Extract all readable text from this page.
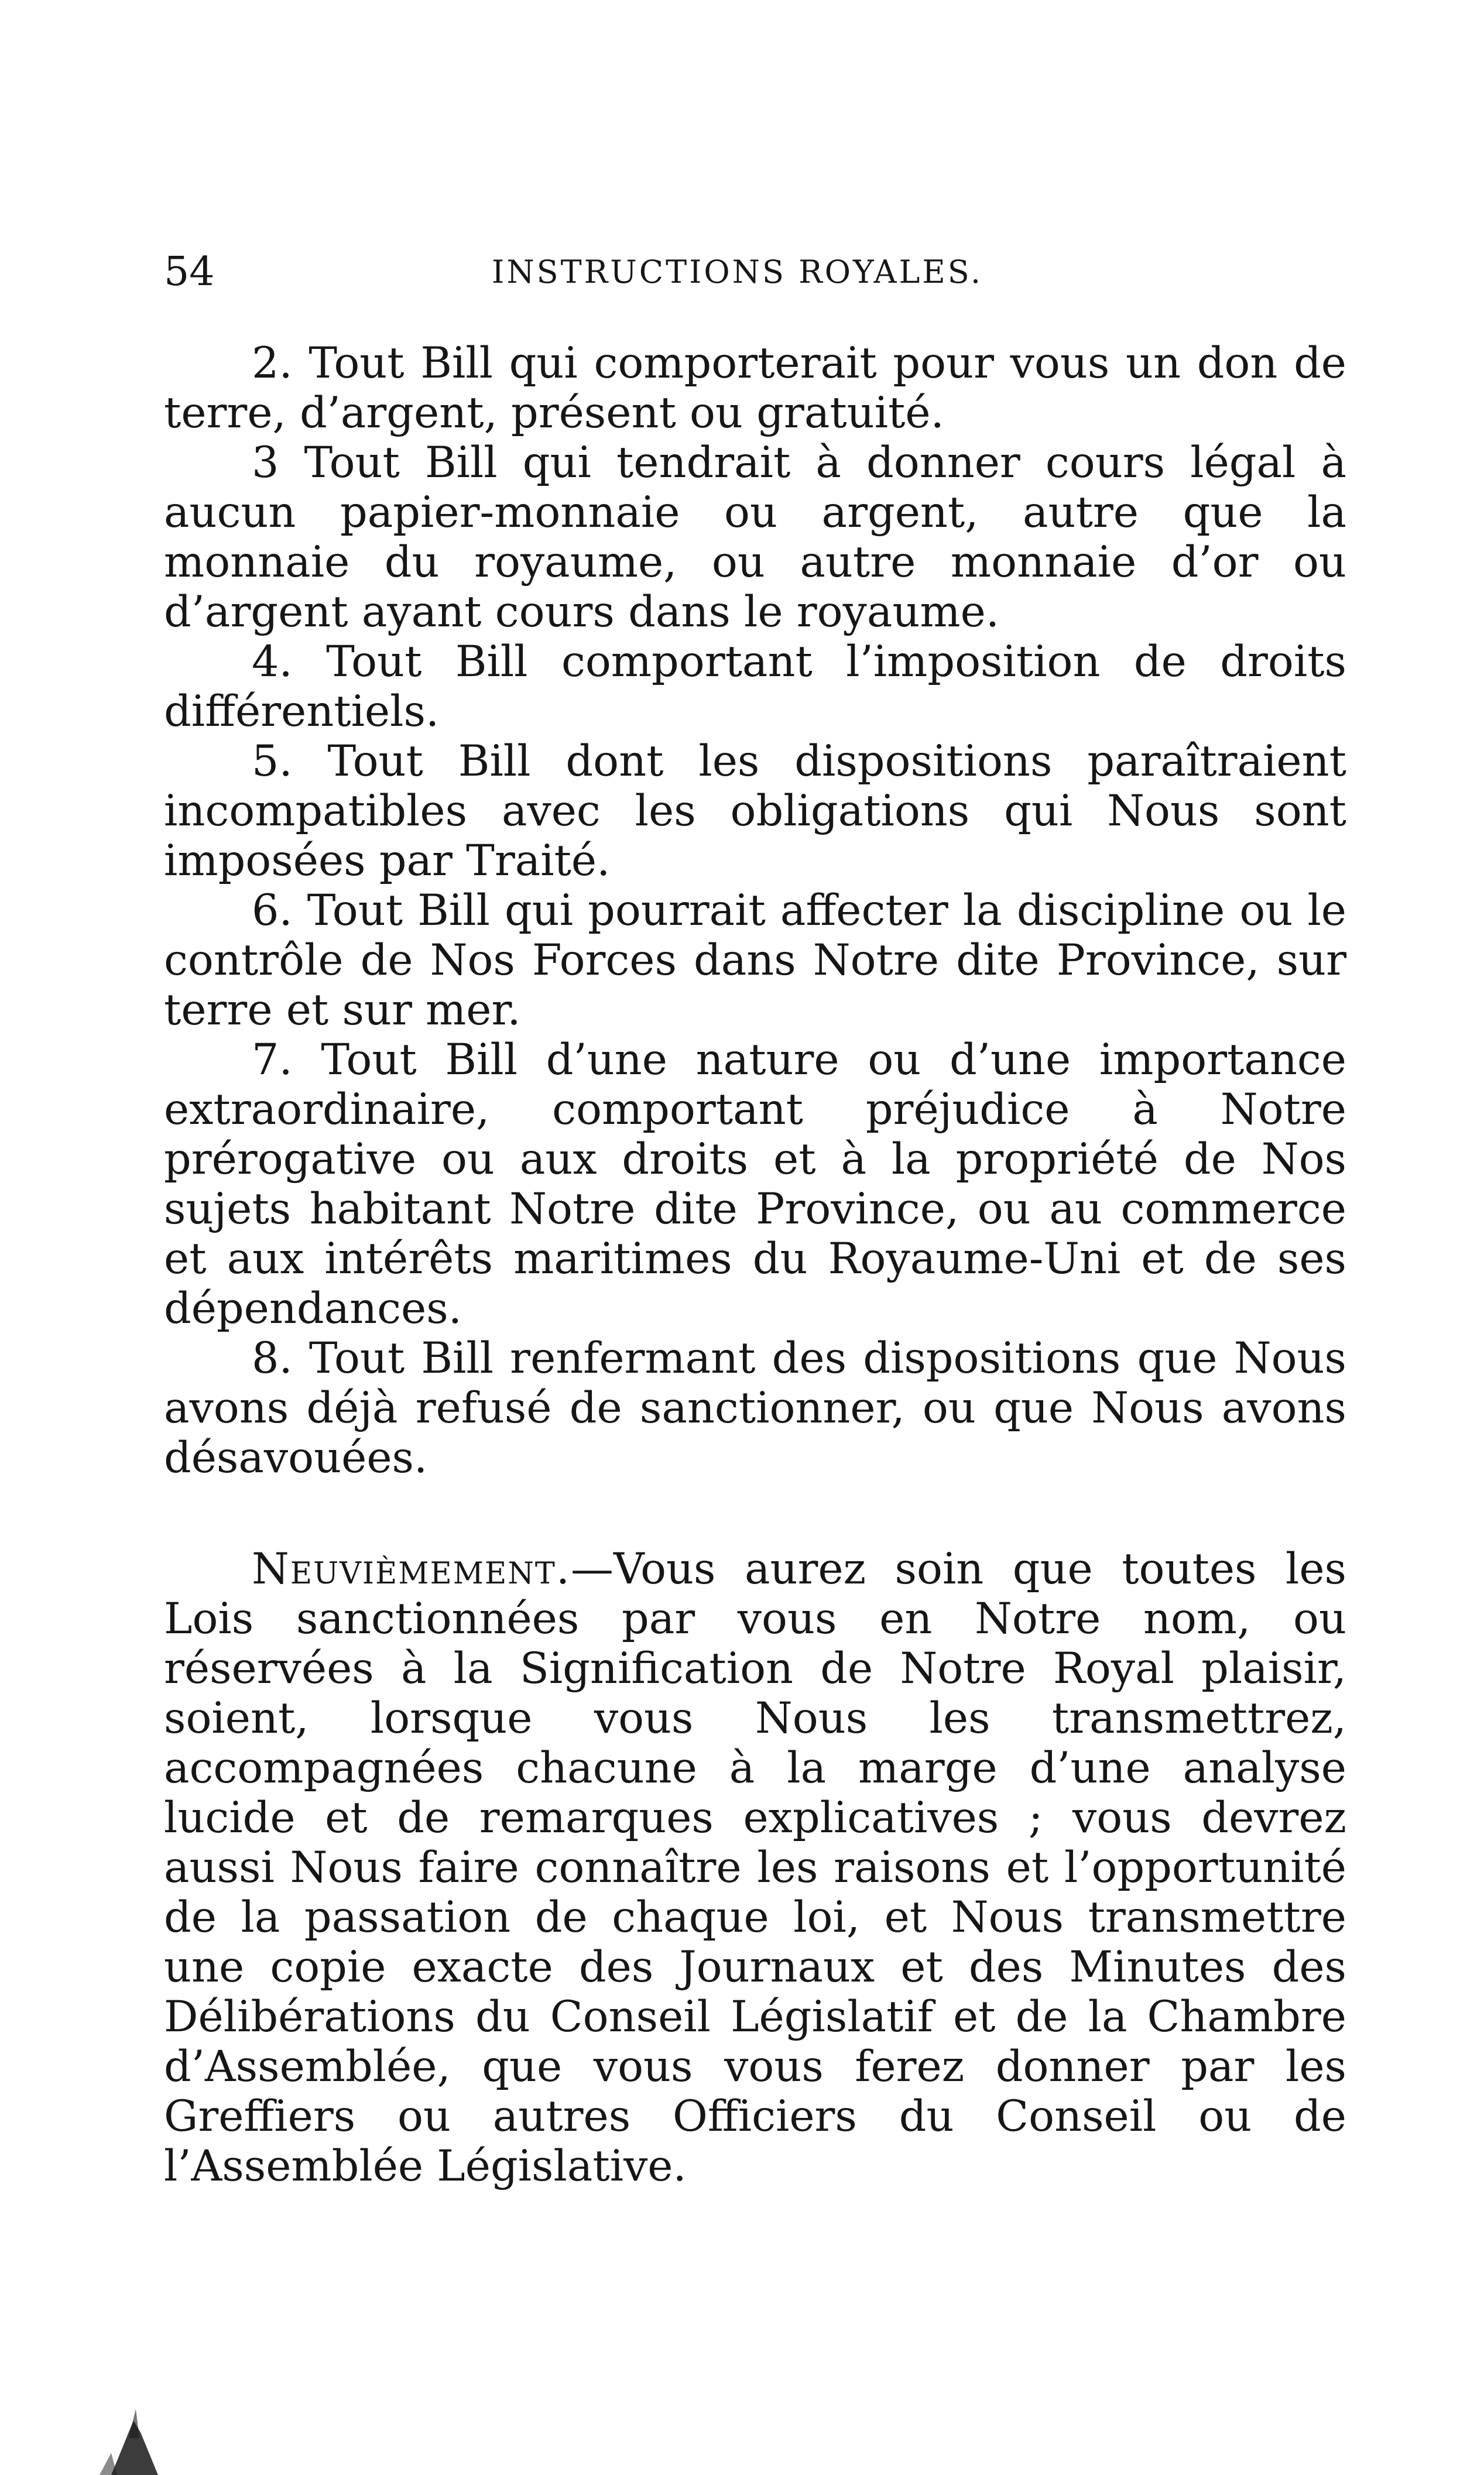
54	INSTRUCTIONS ROYALES.

2. Tout Bill qui comporterait pour vous un don de terre, d’argent, présent ou gratuité.

3 Tout Bill qui tendrait à donner cours légal à aucun papier-monnaie ou argent, autre que la monnaie du royaume, ou autre monnaie d’or ou d’argent ayant cours dans le royaume.

4. Tout Bill comportant l’imposition de droits différentiels.

5. Tout Bill dont les dispositions paraîtraient incompatibles avec les obligations qui Nous sont imposées par Traité.

6. Tout Bill qui pourrait affecter la discipline ou le contrôle de Nos Forces dans Notre dite Province, sur terre et sur mer.

7. Tout Bill d’une nature ou d’une importance extraordinaire, comportant préjudice à Notre prérogative ou aux droits et à la propriété de Nos sujets habitant Notre dite Province, ou au commerce et aux intérêts maritimes du Royaume-Uni et de ses dépendances.

8. Tout Bill renfermant des dispositions que Nous avons déjà refusé de sanctionner, ou que Nous avons désavouées.

Neuvièmement.—Vous aurez soin que toutes les Lois sanctionnées par vous en Notre nom, ou réservées à la Signification de Notre Royal plaisir, soient, lorsque vous Nous les transmettrez, accompagnées chacune à la marge d’une analyse lucide et de remarques explicatives ; vous devrez aussi Nous faire connaître les raisons et l’opportunité de la passation de chaque loi, et Nous transmettre une copie exacte des Journaux et des Minutes des Délibérations du Conseil Législatif et de la Chambre d’Assemblée, que vous vous ferez donner par les Greffiers ou autres Officiers du Conseil ou de l’Assemblée Législative.
